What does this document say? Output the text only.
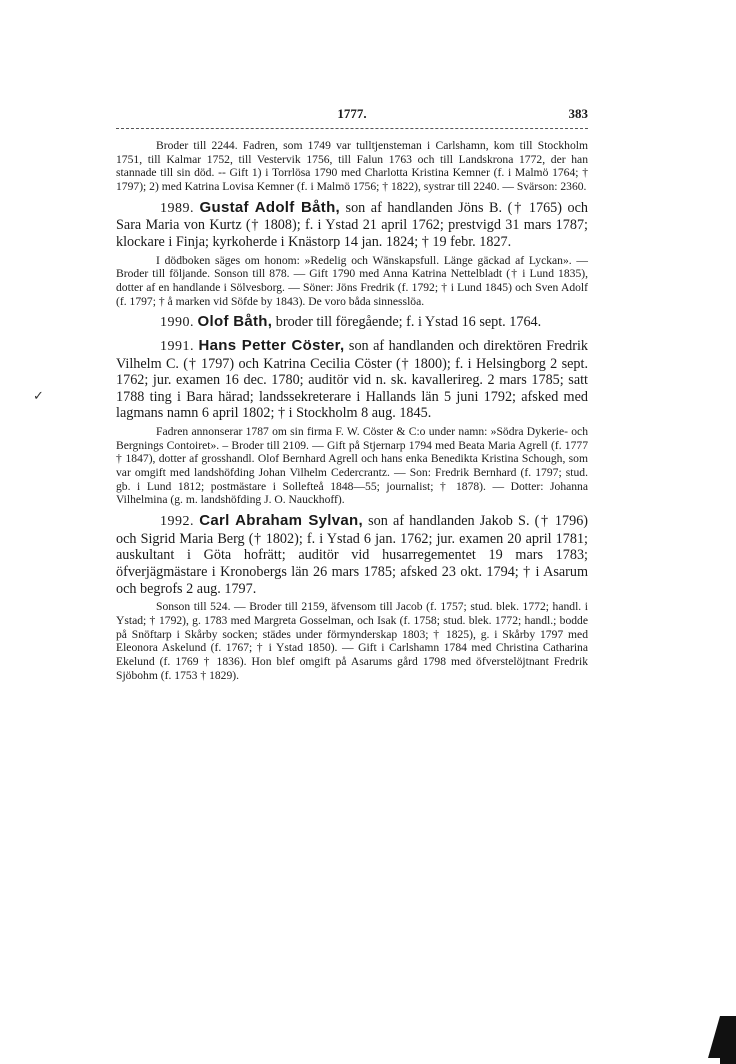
1777.	383

Broder till 2244. Fadren, som 1749 var tulltjensteman i Carlshamn, kom till Stockholm 1751, till Kalmar 1752, till Vestervik 1756, till Falun 1763 och till Landskrona 1772, der han stannade till sin död. -- Gift 1) i Torrlösa 1790 med Charlotta Kristina Kemner (f. i Malmö 1764; † 1797); 2) med Katrina Lovisa Kemner (f. i Malmö 1756; † 1822), systrar till 2240. — Svärson: 2360.

1989. Gustaf Adolf Båth, son af handlanden Jöns B. († 1765) och Sara Maria von Kurtz († 1808); f. i Ystad 21 april 1762; prestvigd 31 mars 1787; klockare i Finja; kyrkoherde i Knästorp 14 jan. 1824; † 19 febr. 1827.

I dödboken säges om honom: »Redelig och Wänskapsfull. Länge gäckad af Lyckan». — Broder till följande. Sonson till 878. — Gift 1790 med Anna Katrina Nettelbladt († i Lund 1835), dotter af en handlande i Sölvesborg. — Söner: Jöns Fredrik (f. 1792; † i Lund 1845) och Sven Adolf (f. 1797; † å marken vid Söfde by 1843). De voro båda sinnesslöa.

1990. Olof Båth, broder till föregående; f. i Ystad 16 sept. 1764.

1991. Hans Petter Cöster, son af handlanden och direktören Fredrik Vilhelm C. († 1797) och Katrina Cecilia Cöster († 1800); f. i Helsingborg 2 sept. 1762; jur. examen 16 dec. 1780; auditör vid n. sk. kavallerireg. 2 mars 1785; satt 1788 ting i Bara härad; landssekreterare i Hallands län 5 juni 1792; afsked med lagmans namn 6 april 1802; † i Stockholm 8 aug. 1845.

Fadren annonserar 1787 om sin firma F. W. Cöster & C:o under namn: »Södra Dykerie- och Bergnings Contoiret». – Broder till 2109. — Gift på Stjernarp 1794 med Beata Maria Agrell (f. 1777 † 1847), dotter af grosshandl. Olof Bernhard Agrell och hans enka Benedikta Kristina Schough, som var omgift med landshöfding Johan Vilhelm Cedercrantz. — Son: Fredrik Bernhard (f. 1797; stud. gb. i Lund 1812; postmästare i Sollefteå 1848—55; journalist; † 1878). — Dotter: Johanna Vilhelmina (g. m. landshöfding J. O. Nauckhoff).

1992. Carl Abraham Sylvan, son af handlanden Jakob S. († 1796) och Sigrid Maria Berg († 1802); f. i Ystad 6 jan. 1762; jur. examen 20 april 1781; auskultant i Göta hofrätt; auditör vid husarregementet 19 mars 1783; öfverjägmästare i Kronobergs län 26 mars 1785; afsked 23 okt. 1794; † i Asarum och begrofs 2 aug. 1797.

Sonson till 524. — Broder till 2159, äfvensom till Jacob (f. 1757; stud. blek. 1772; handl. i Ystad; † 1792), g. 1783 med Margreta Gosselman, och Isak (f. 1758; stud. blek. 1772; handl.; bodde på Snöftarp i Skårby socken; städes under förmynderskap 1803; † 1825), g. i Skårby 1797 med Eleonora Askelund (f. 1767; † i Ystad 1850). — Gift i Carlshamn 1784 med Christina Catharina Ekelund (f. 1769 † 1836). Hon blef omgift på Asarums gård 1798 med öfverstelöjtnant Fredrik Sjöbohm (f. 1753 † 1829).

✓
